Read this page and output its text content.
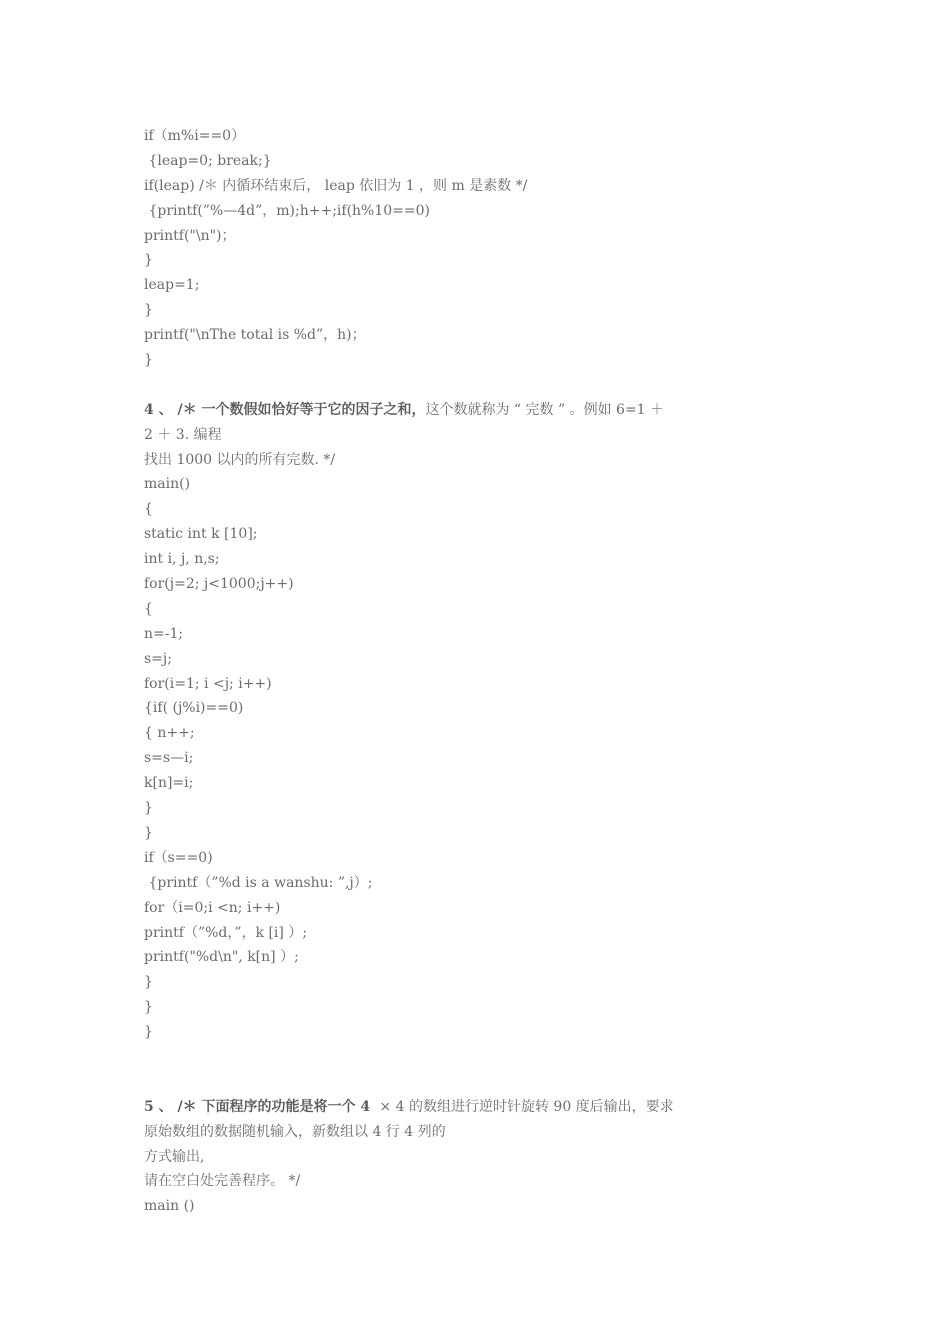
if（m%i==0）
{leap=0; break;}
if(leap) /＊ 内循环结束后， leap 依旧为 1 ，则 m 是素数 */
{printf(”%—4d”，m);h++;if(h%10==0)
printf("\n")；
}
leap=1;
}
printf("\nThe total is %d”，h)；
}
4 、 /＊ 一个数假如恰好等于它的因子之和，这个数就称为 “ 完数 ” 。例如 6=1 ＋
2 ＋ 3. 编程
找出 1000 以内的所有完数. */
main()
{
static int k [10];
int i, j, n,s;
for(j=2; j<1000;j++)
{
n=-1;
s=j;
for(i=1; i <j; i++)
{if( (j%i)==0)
{ n++;
s=s—i;
k[n]=i;
}
}
if（s==0)
{printf（”%d is a wanshu: ”,j）;
for（i=0;i <n; i++)
printf（”%d，”，k [i] ）;
printf("%d\n", k[n] ）;
}
}
}
5 、 /＊ 下面程序的功能是将一个 4  × 4 的数组进行逆时针旋转 90 度后输出，要求
原始数组的数据随机输入，新数组以 4 行 4 列的
方式输出,
请在空白处完善程序。 */
main ()
